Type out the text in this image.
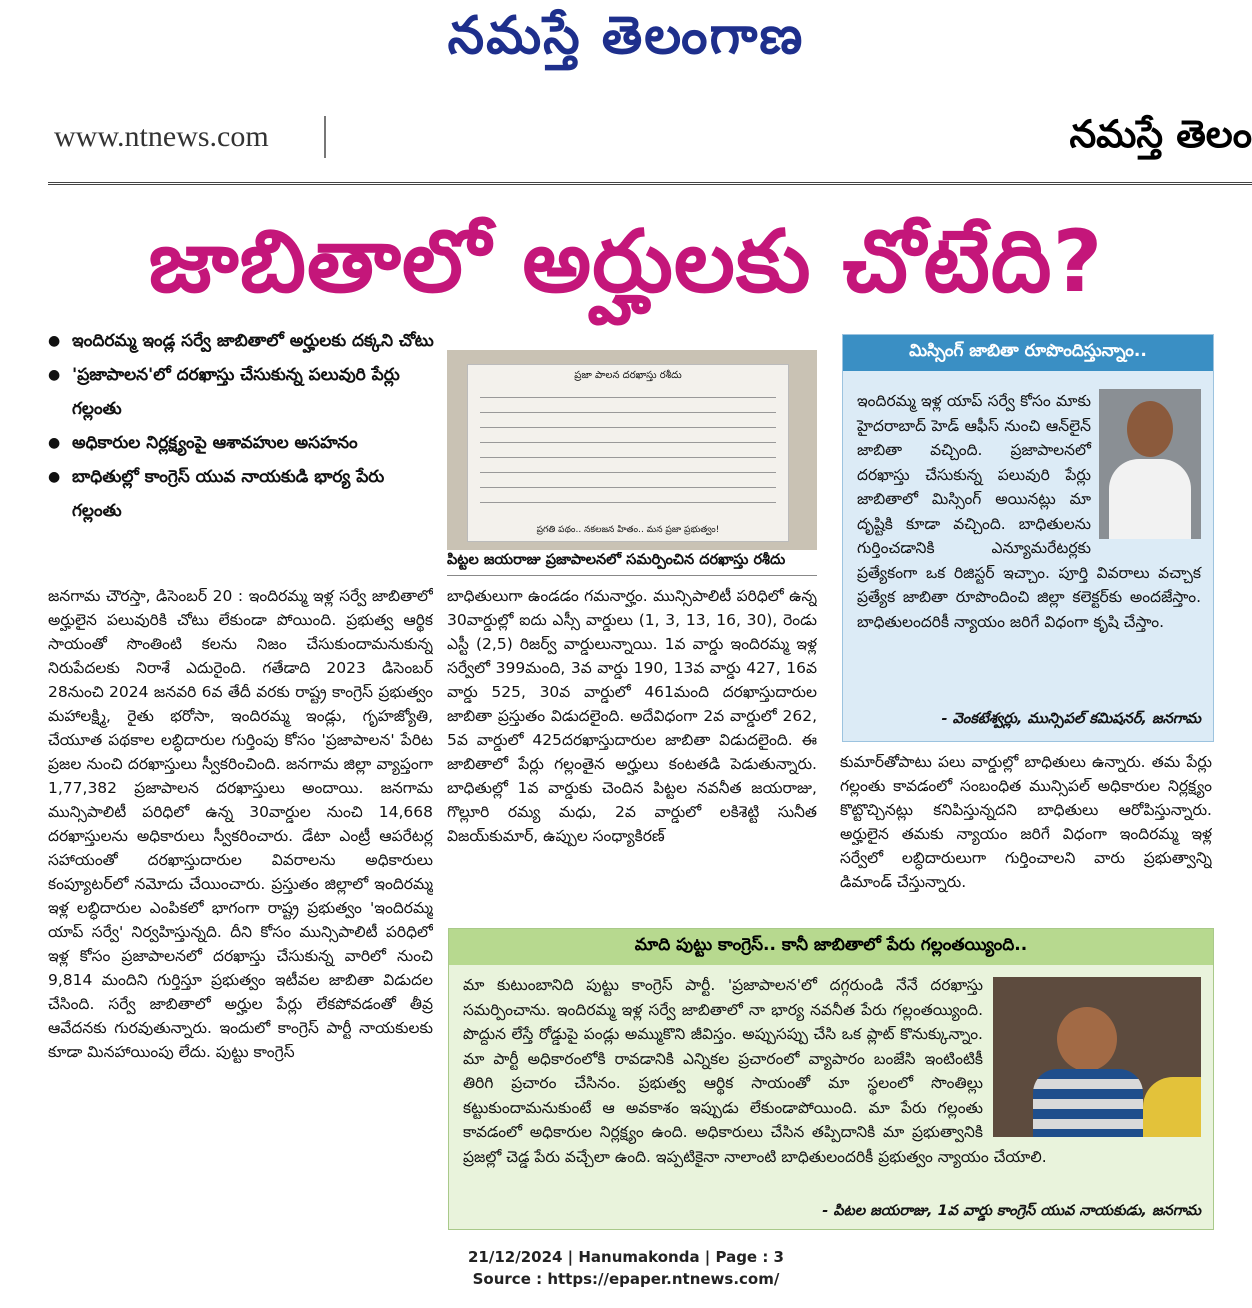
నమస్తే తెలంగాణ
www.ntnews.com	నమస్తే తెలం
జాబితాలో అర్హులకు చోటేది?
● ఇందిరమ్మ ఇండ్ల సర్వే జాబితాలో అర్హులకు దక్కని చోటు
● 'ప్రజాపాలన'లో దరఖాస్తు చేసుకున్న పలువురి పేర్లు గల్లంతు
● అధికారుల నిర్లక్ష్యంపై ఆశావహుల అసహనం
● బాధితుల్లో కాంగ్రెస్ యువ నాయకుడి భార్య పేరు గల్లంతు
ప్రజా పాలన దరఖాస్తు రశీదు
ప్రగతి పథం.. నకలజన హితం.. మన ప్రజా ప్రభుత్వం!
పిట్టల జయరాజు ప్రజాపాలనలో సమర్పించిన దరఖాస్తు రశీదు
జనగామ చౌరస్తా, డిసెంబర్ 20 : ఇందిరమ్మ ఇళ్ల సర్వే జాబితాలో అర్హులైన పలువురికి చోటు లేకుండా పోయింది. ప్రభుత్వ ఆర్థిక సాయంతో సొంతింటి కలను నిజం చేసుకుందామనుకున్న నిరుపేదలకు నిరాశే ఎదురైంది. గతేడాది 2023 డిసెంబర్ 28నుంచి 2024 జనవరి 6వ తేదీ వరకు రాష్ట్ర కాంగ్రెస్ ప్రభుత్వం మహాలక్ష్మి, రైతు భరోసా, ఇందిరమ్మ ఇండ్లు, గృహజ్యోతి, చేయూత పథకాల లబ్ధిదారుల గుర్తింపు కోసం 'ప్రజాపాలన' పేరిట ప్రజల నుంచి దరఖాస్తులు స్వీకరించింది. జనగామ జిల్లా వ్యాప్తంగా 1,77,382 ప్రజాపాలన దరఖాస్తులు అందాయి. జనగామ మున్సిపాలిటీ పరిధిలో ఉన్న 30వార్డుల నుంచి 14,668 దరఖాస్తులను అధికారులు స్వీకరించారు. డేటా ఎంట్రీ ఆపరేటర్ల సహాయంతో దరఖాస్తుదారుల వివరాలను అధికారులు కంప్యూటర్‌లో నమోదు చేయించారు. ప్రస్తుతం జిల్లాలో ఇందిరమ్మ ఇళ్ల లబ్ధిదారుల ఎంపికలో భాగంగా రాష్ట్ర ప్రభుత్వం 'ఇందిరమ్మ యాప్ సర్వే' నిర్వహిస్తున్నది. దీని కోసం మున్సిపాలిటీ పరిధిలో ఇళ్ల కోసం ప్రజాపాలనలో దరఖాస్తు చేసుకున్న వారిలో నుంచి 9,814 మందిని గుర్తిస్తూ ప్రభుత్వం ఇటీవల జాబితా విడుదల చేసింది. సర్వే జాబితాలో అర్హుల పేర్లు లేకపోవడంతో తీవ్ర ఆవేదనకు గురవుతున్నారు. ఇందులో కాంగ్రెస్ పార్టీ నాయకులకు కూడా మినహాయింపు లేదు. పుట్టు కాంగ్రెస్
బాధితులుగా ఉండడం గమనార్హం. మున్సిపాలిటీ పరిధిలో ఉన్న 30వార్డుల్లో ఐదు ఎస్సీ వార్డులు (1, 3, 13, 16, 30), రెండు ఎస్టీ (2,5) రిజర్వ్ వార్డులున్నాయి. 1వ వార్డు ఇందిరమ్మ ఇళ్ల సర్వేలో 399మంది, 3వ వార్డు 190, 13వ వార్డు 427, 16వ వార్డు 525, 30వ వార్డులో 461మంది దరఖాస్తుదారుల జాబితా ప్రస్తుతం విడుదలైంది. అదేవిధంగా 2వ వార్డులో 262, 5వ వార్డులో 425దరఖాస్తుదారుల జాబితా విడుదలైంది. ఈ జాబితాలో పేర్లు గల్లంతైన అర్హులు కంటతడి పెడుతున్నారు. బాధితుల్లో 1వ వార్డుకు చెందిన పిట్టల నవనీత జయరాజు, గొల్లూరి రమ్య మధు, 2వ వార్డులో లకిశెట్టి సునీత విజయ్‌కుమార్, ఉప్పుల సంధ్యాకిరణ్
కుమార్‌తోపాటు పలు వార్డుల్లో బాధితులు ఉన్నారు. తమ పేర్లు గల్లంతు కావడంలో సంబంధిత మున్సిపల్ అధికారుల నిర్లక్ష్యం కొట్టొచ్చినట్లు కనిపిస్తున్నదని బాధితులు ఆరోపిస్తున్నారు. అర్హులైన తమకు న్యాయం జరిగే విధంగా ఇందిరమ్మ ఇళ్ల సర్వేలో లబ్ధిదారులుగా గుర్తించాలని వారు ప్రభుత్వాన్ని డిమాండ్ చేస్తున్నారు.
మిస్సింగ్ జాబితా రూపొందిస్తున్నాం..
ఇందిరమ్మ ఇళ్ల యాప్ సర్వే కోసం మాకు హైదరాబాద్ హెడ్ ఆఫీస్ నుంచి ఆన్‌లైన్ జాబితా వచ్చింది. ప్రజాపాలనలో దరఖాస్తు చేసుకున్న పలువురి పేర్లు జాబితాలో మిస్సింగ్ అయినట్లు మా దృష్టికి కూడా వచ్చింది. బాధితులను గుర్తించడానికి ఎన్యూమరేటర్లకు ప్రత్యేకంగా ఒక రిజిస్టర్ ఇచ్చాం. పూర్తి వివరాలు వచ్చాక ప్రత్యేక జాబితా రూపొందించి జిల్లా కలెక్టర్‌కు అందజేస్తాం. బాధితులందరికీ న్యాయం జరిగే విధంగా కృషి చేస్తాం.
- వెంకటేశ్వర్లు, మున్సిపల్ కమిషనర్, జనగామ
మాది పుట్టు కాంగ్రెస్.. కానీ జాబితాలో పేరు గల్లంతయ్యింది..
మా కుటుంబానిది పుట్టు కాంగ్రెస్ పార్టీ. 'ప్రజాపాలన'లో దగ్గరుండి నేనే దరఖాస్తు సమర్పించాను. ఇందిరమ్మ ఇళ్ల సర్వే జాబితాలో నా భార్య నవనీత పేరు గల్లంతయ్యింది. పొద్దున లేస్తే రోడ్డుపై పండ్లు అమ్ముకొని జీవిస్తం. అప్పుసప్పు చేసి ఒక ప్లాట్ కొనుక్కున్నాం. మా పార్టీ అధికారంలోకి రావడానికి ఎన్నికల ప్రచారంలో వ్యాపారం బంజేసి ఇంటింటికీ తిరిగి ప్రచారం చేసినం. ప్రభుత్వ ఆర్థిక సాయంతో మా స్థలంలో సొంతిల్లు కట్టుకుందామనుకుంటే ఆ అవకాశం ఇప్పుడు లేకుండాపోయింది. మా పేరు గల్లంతు కావడంలో అధికారుల నిర్లక్ష్యం ఉంది. అధికారులు చేసిన తప్పిదానికి మా ప్రభుత్వానికి ప్రజల్లో చెడ్డ పేరు వచ్చేలా ఉంది. ఇప్పటికైనా నాలాంటి బాధితులందరికీ ప్రభుత్వం న్యాయం చేయాలి.
- పిటల జయరాజు, 1వ వార్డు కాంగ్రెస్ యువ నాయకుడు, జనగామ
21/12/2024 | Hanumakonda | Page : 3
Source : https://epaper.ntnews.com/
